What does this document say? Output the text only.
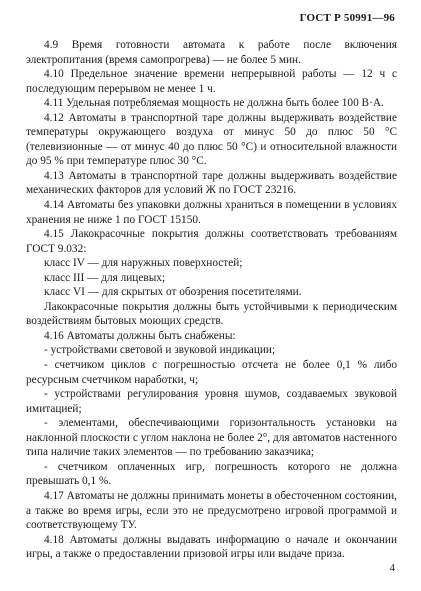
ГОСТ Р 50991—96

4.9 Время готовности автомата к работе после включения электропитания (время самопрогрева) — не более 5 мин.

4.10 Предельное значение времени непрерывной работы — 12 ч с последующим перерывом не менее 1 ч.

4.11 Удельная потребляемая мощность не должна быть более 100 В·А.

4.12 Автоматы в транспортной таре должны выдерживать воздействие температуры окружающего воздуха от минус 50 до плюс 50 °С (телевизионные — от минус 40 до плюс 50 °С) и относительной влажности до 95 % при температуре плюс 30 °С.

4.13 Автоматы в транспортной таре должны выдерживать воздействие механических факторов для условий Ж по ГОСТ 23216.

4.14 Автоматы без упаковки должны храниться в помещении в условиях хранения не ниже 1 по ГОСТ 15150.

4.15 Лакокрасочные покрытия должны соответствовать требованиям ГОСТ 9.032:

класс IV — для наружных поверхностей;

класс III — для лицевых;

класс VI — для скрытых от обозрения посетителями.

Лакокрасочные покрытия должны быть устойчивыми к периодическим воздействиям бытовых моющих средств.

4.16 Автоматы должны быть снабжены:

- устройствами световой и звуковой индикации;

- счетчиком циклов с погрешностью отсчета не более 0,1 % либо ресурсным счетчиком наработки, ч;

- устройствами регулирования уровня шумов, создаваемых звуковой имитацией;

- элементами, обеспечивающими горизонтальность установки на наклонной плоскости с углом наклона не более 2°, для автоматов настенного типа наличие таких элементов — по требованию заказчика;

- счетчиком оплаченных игр, погрешность которого не должна превышать 0,1 %.

4.17 Автоматы не должны принимать монеты в обесточенном состоянии, а также во время игры, если это не предусмотрено игровой программой и соответствующему ТУ.

4.18 Автоматы должны выдавать информацию о начале и окончании игры, а также о предоставлении призовой игры или выдаче приза.

4
